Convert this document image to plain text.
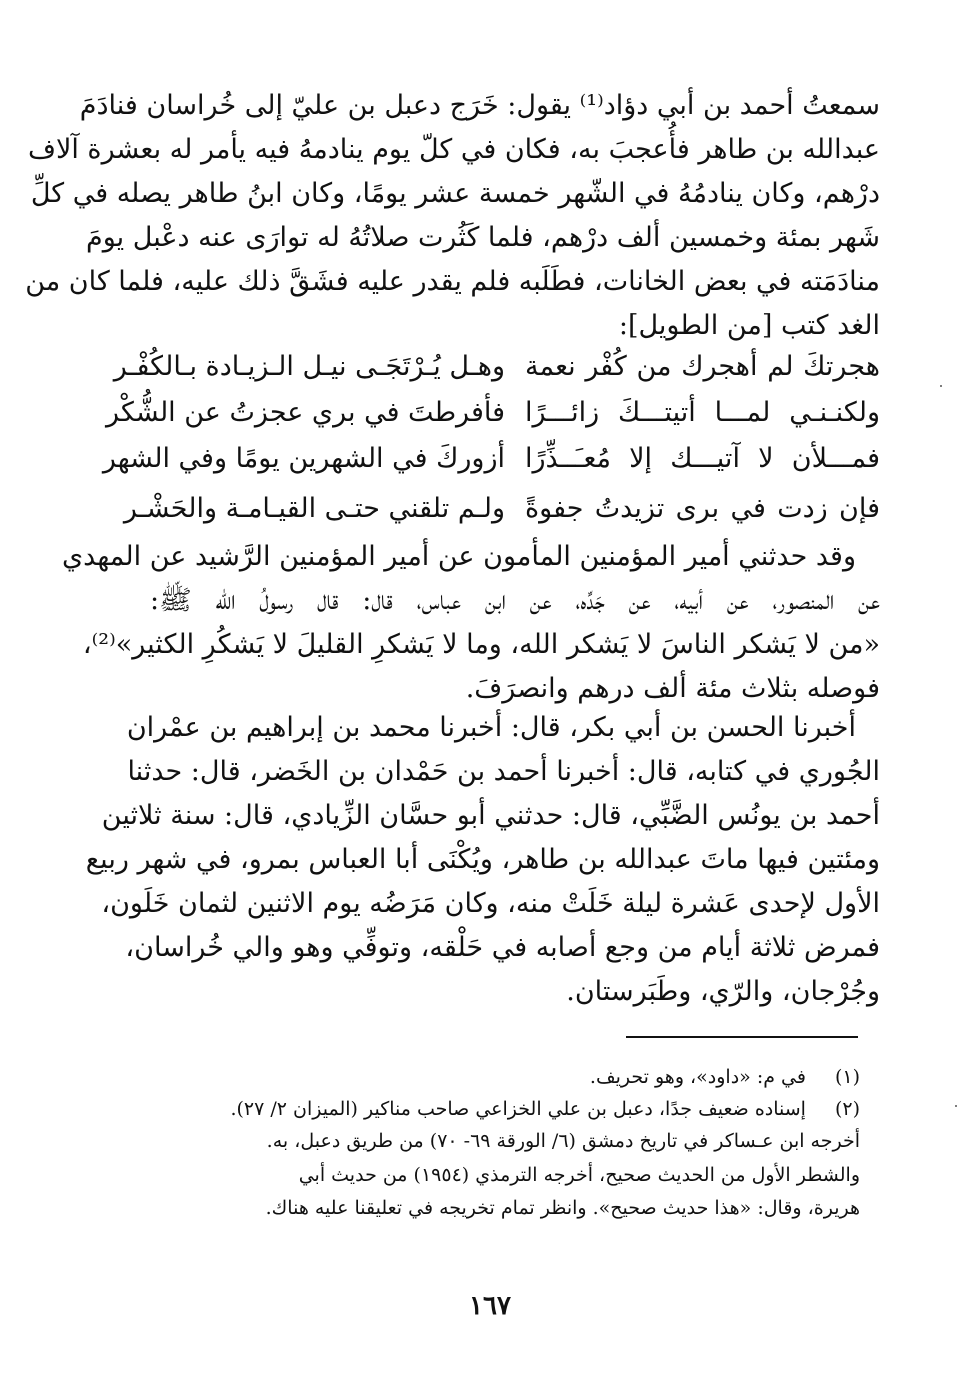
سمعتُ أحمد بن أبي دؤاد⁽¹⁾ يقول: خَرَج دعبل بن عليّ إلى خُراسان فنادَمَ
عبدالله بن طاهر فأُعجبَ به، فكان في كلّ يوم ينادمهُ فيه يأمر له بعشرة آلاف
درْهم، وكان ينادمُهُ في الشّهر خمسة عشر يومًا، وكان ابنُ طاهر يصله في كلِّ
شَهر بمئة وخمسين ألف درْهم، فلما كَثُرت صلاتُهُ له توارَى عنه دعْبل يومَ
منادَمَته في بعض الخانات، فطَلَبه فلم يقدر عليه فشَقَّ ذلك عليه، فلما كان من
الغد كتب [من الطويل]:
هجرتكَ لم أهجرك من كُفْر نعمة
وهـل يُـرْتَجَـى نيـل الـزيـادة بـالكُفْـر
ولكنـنـي لمـــا أتيتـــكَ زائـــرًا
فأفرطتَ في بري عجزتُ عن الشُّكْر
فمـــلأن لا آتيـــك إلا مُعـَــذِّرًا
أزوركَ في الشهرين يومًا وفي الشهر
فإن زدت في برى تزيدتُ جفوةً
ولـم تلقني حتـى القيـامـة والحَشْـر
وقد حدثني أمير المؤمنين المأمون عن أمير المؤمنين الرَّشيد عن المهدي
عن المنصور، عن أبيه، عن جَدِّه، عن ابن عباس، قال: قال رسولُ الله ﷺ:
«من لا يَشكر الناسَ لا يَشكر الله، وما لا يَشكرِ القليلَ لا يَشكُرِ الكثير»⁽²⁾،
فوصله بثلاث مئة ألف درهم وانصرَفَ.
أخبرنا الحسن بن أبي بكر، قال: أخبرنا محمد بن إبراهيم بن عمْران
الجُوري في كتابه، قال: أخبرنا أحمد بن حَمْدان بن الخَضر، قال: حدثنا
أحمد بن يونُس الضَّبِّي، قال: حدثني أبو حسَّان الزِّيادي، قال: سنة ثلاثين
ومئتين فيها ماتَ عبدالله بن طاهر، ويُكْنَى أبا العباس بمرو، في شهر ربيع
الأول لإحدى عَشرة ليلة خَلَتْ منه، وكان مَرَضُه يوم الاثنين لثمان خَلَون،
فمرض ثلاثة أيام من وجع أصابه في حَلْقه، وتوفِّي وهو والي خُراسان،
وجُرْجان، والرّي، وطَبَرستان.
(١) في م: «داود»، وهو تحريف.
(٢) إسناده ضعيف جدًا، دعبل بن علي الخزاعي صاحب مناكير (الميزان ٢/ ٢٧).
أخرجه ابن عـساكر في تاريخ دمشق (٦/ الورقة ٦٩- ٧٠) من طريق دعبل، به.
والشطر الأول من الحديث صحيح، أخرجه الترمذي (١٩٥٤) من حديث أبي
هريرة، وقال: «هذا حديث صحيح». وانظر تمام تخريجه في تعليقنا عليه هناك.
١٦٧
